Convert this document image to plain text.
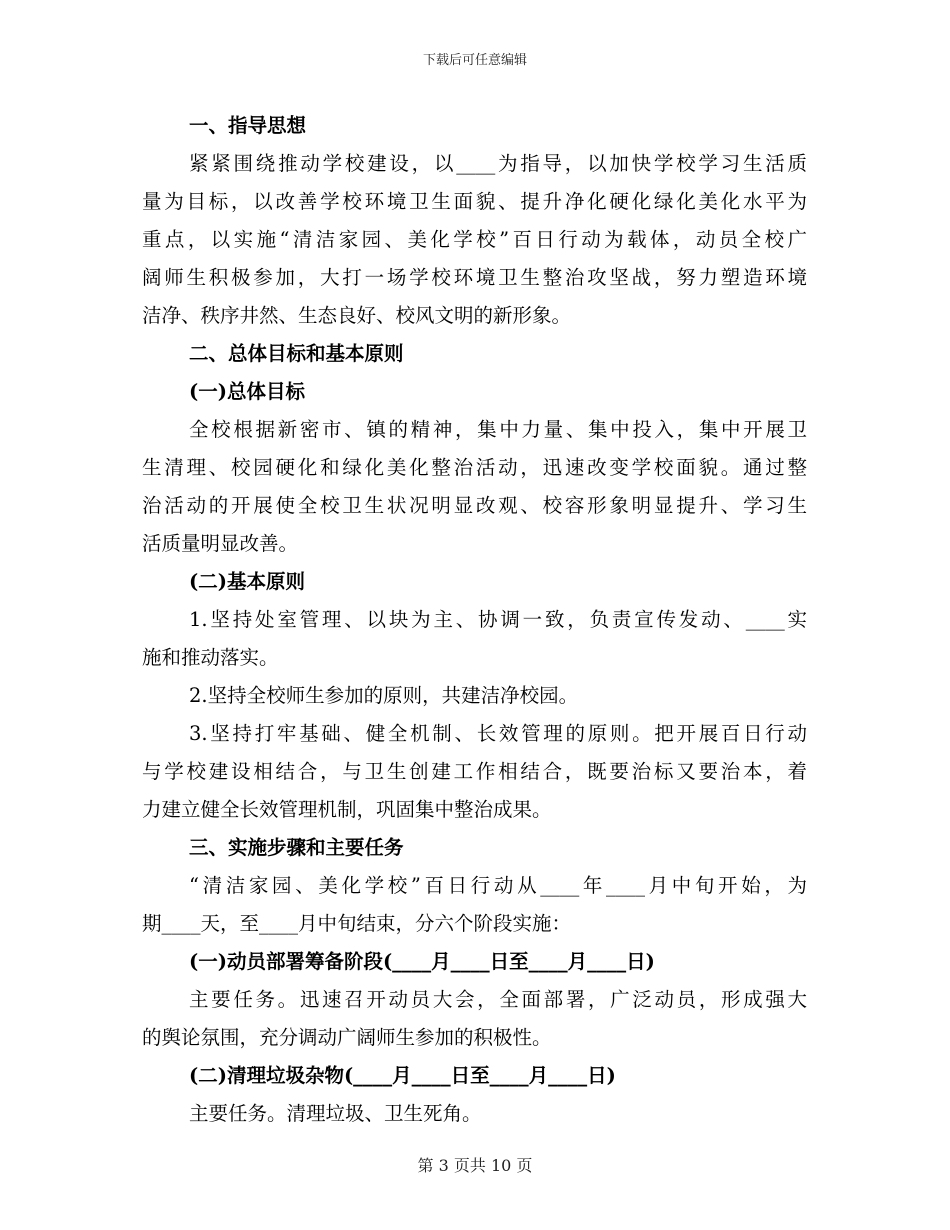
下载后可任意编辑
一、指导思想
紧紧围绕推动学校建设，以____为指导，以加快学校学习生活质
量为目标，以改善学校环境卫生面貌、提升净化硬化绿化美化水平为
重点，以实施“清洁家园、美化学校”百日行动为载体，动员全校广
阔师生积极参加，大打一场学校环境卫生整治攻坚战，努力塑造环境
洁净、秩序井然、生态良好、校风文明的新形象。
二、总体目标和基本原则
(一)总体目标
全校根据新密市、镇的精神，集中力量、集中投入，集中开展卫
生清理、校园硬化和绿化美化整治活动，迅速改变学校面貌。通过整
治活动的开展使全校卫生状况明显改观、校容形象明显提升、学习生
活质量明显改善。
(二)基本原则
1.坚持处室管理、以块为主、协调一致，负责宣传发动、____实
施和推动落实。
2.坚持全校师生参加的原则，共建洁净校园。
3.坚持打牢基础、健全机制、长效管理的原则。把开展百日行动
与学校建设相结合，与卫生创建工作相结合，既要治标又要治本，着
力建立健全长效管理机制，巩固集中整治成果。
三、实施步骤和主要任务
“清洁家园、美化学校”百日行动从____年____月中旬开始，为
期____天，至____月中旬结束，分六个阶段实施：
(一)动员部署筹备阶段(____月____日至____月____日)
主要任务。迅速召开动员大会，全面部署，广泛动员，形成强大
的舆论氛围，充分调动广阔师生参加的积极性。
(二)清理垃圾杂物(____月____日至____月____日)
主要任务。清理垃圾、卫生死角。
第 3 页共 10 页
